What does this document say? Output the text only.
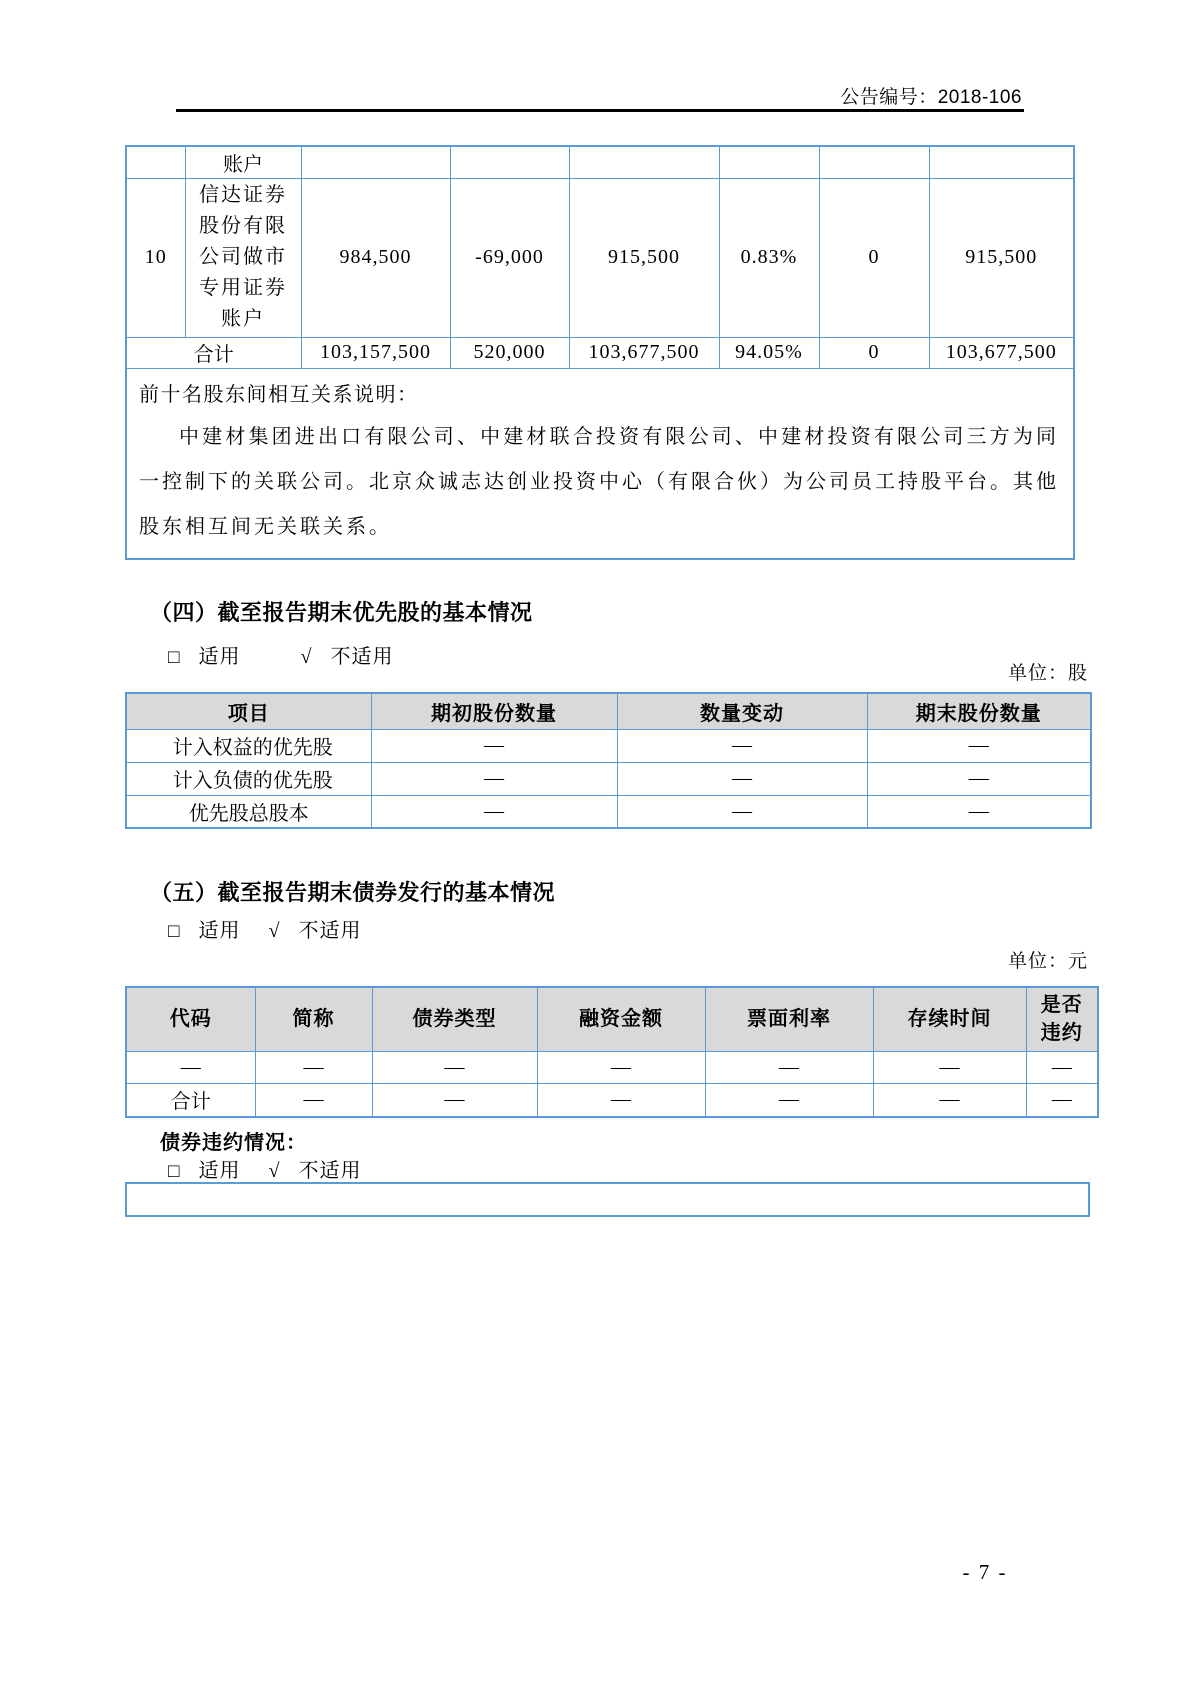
公告编号：2018-106
	账户						
10	信达证券股份有限公司做市专用证券账户	984,500	-69,000	915,500	0.83%	0	915,500
合计		103,157,500	520,000	103,677,500	94.05%	0	103,677,500

前十名股东间相互关系说明：

中建材集团进出口有限公司、中建材联合投资有限公司、中建材投资有限公司三方为同一控制下的关联公司。北京众诚志达创业投资中心（有限合伙）为公司员工持股平台。其他股东相互间无关联关系。							

（四）截至报告期末优先股的基本情况
□ 适用	√ 不适用
单位：股
项目	期初股份数量	数量变动	期末股份数量
计入权益的优先股	—	—	—
计入负债的优先股	—	—	—
优先股总股本	—	—	—
（五）截至报告期末债券发行的基本情况
□ 适用 √ 不适用
单位：元
代码	简称	债券类型	融资金额	票面利率	存续时间	是否违约
—	—	—	—	—	—	—
合计	—	—	—	—	—	—
债券违约情况：
□ 适用 √ 不适用
- 7 -
